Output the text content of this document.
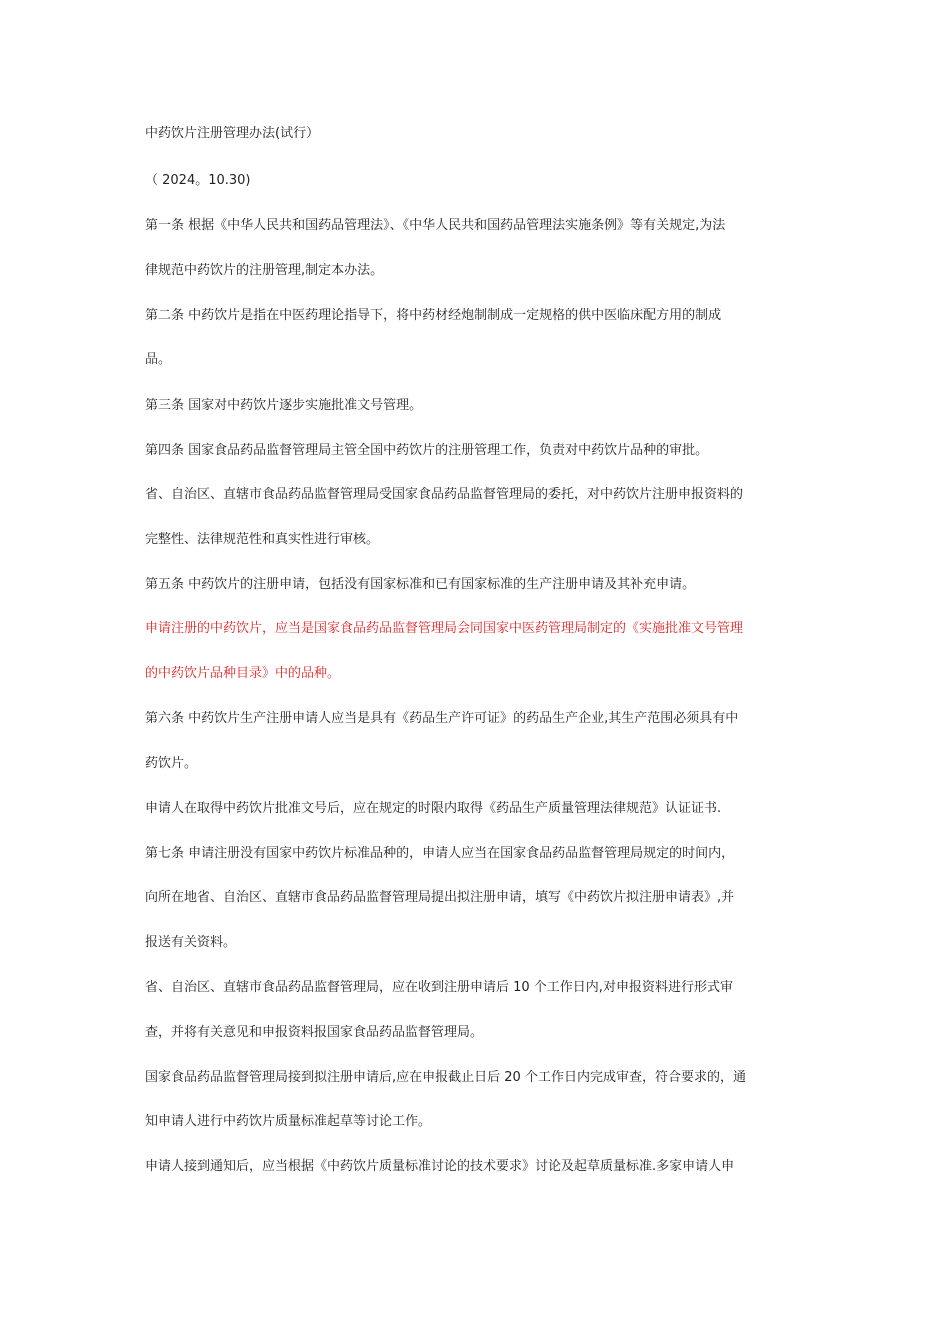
中药饮片注册管理办法(试行）
（ 2024。10.30)
第一条 根据《中华人民共和国药品管理法》、《中华人民共和国药品管理法实施条例》等有关规定,为法
律规范中药饮片的注册管理,制定本办法。
第二条 中药饮片是指在中医药理论指导下，将中药材经炮制制成一定规格的供中医临床配方用的制成
品。
第三条 国家对中药饮片逐步实施批准文号管理。
第四条 国家食品药品监督管理局主管全国中药饮片的注册管理工作，负责对中药饮片品种的审批。
省、自治区、直辖市食品药品监督管理局受国家食品药品监督管理局的委托，对中药饮片注册申报资料的
完整性、法律规范性和真实性进行审核。
第五条 中药饮片的注册申请，包括没有国家标准和已有国家标准的生产注册申请及其补充申请。
申请注册的中药饮片，应当是国家食品药品监督管理局会同国家中医药管理局制定的《实施批准文号管理
的中药饮片品种目录》中的品种。
第六条 中药饮片生产注册申请人应当是具有《药品生产许可证》的药品生产企业,其生产范围必须具有中
药饮片。
申请人在取得中药饮片批准文号后，应在规定的时限内取得《药品生产质量管理法律规范》认证证书.
第七条 申请注册没有国家中药饮片标准品种的，申请人应当在国家食品药品监督管理局规定的时间内，
向所在地省、自治区、直辖市食品药品监督管理局提出拟注册申请，填写《中药饮片拟注册申请表》,并
报送有关资料。
省、自治区、直辖市食品药品监督管理局，应在收到注册申请后 10 个工作日内,对申报资料进行形式审
查，并将有关意见和申报资料报国家食品药品监督管理局。
国家食品药品监督管理局接到拟注册申请后,应在申报截止日后 20 个工作日内完成审查，符合要求的，通
知申请人进行中药饮片质量标准起草等讨论工作。
申请人接到通知后，应当根据《中药饮片质量标准讨论的技术要求》讨论及起草质量标准.多家申请人申
